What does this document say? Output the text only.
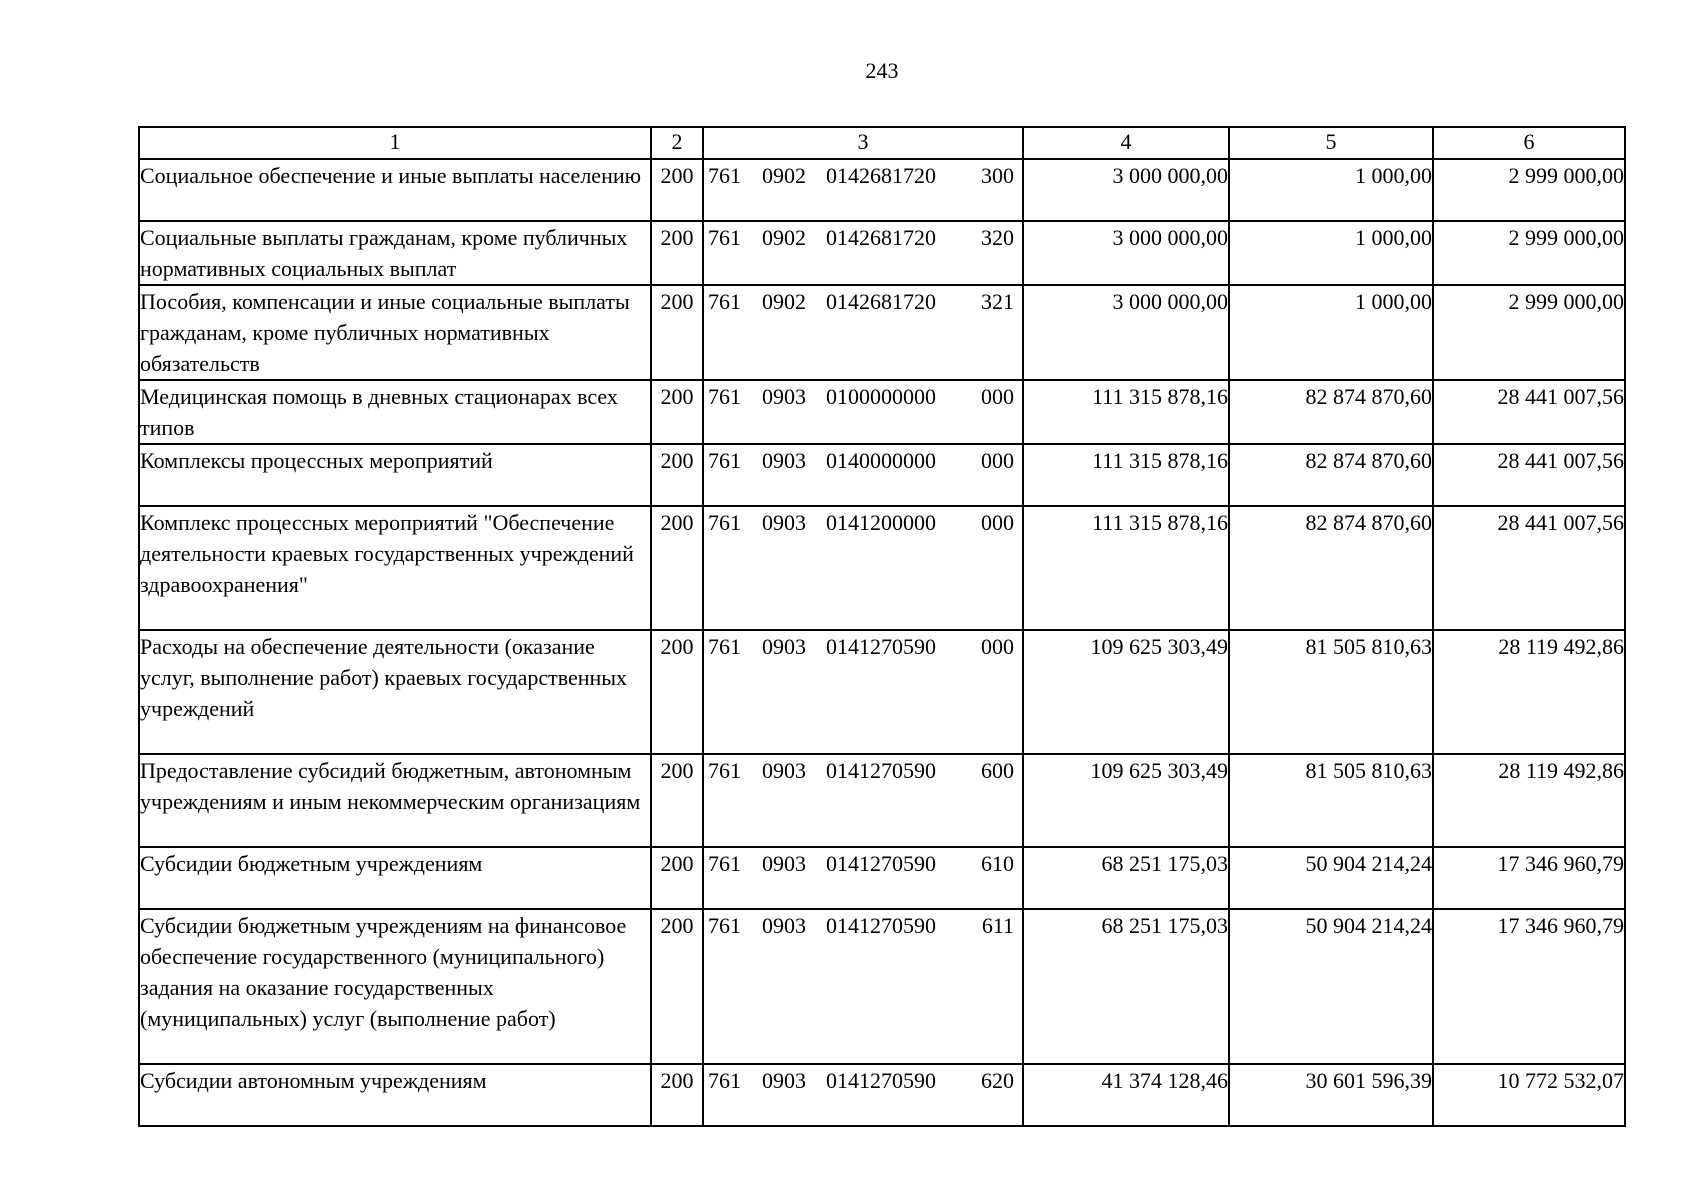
243
1	2	3	4	5	6
Социальное обеспечение и иные выплаты населению	200	761 0902 0142681720 300	3 000 000,00	1 000,00	2 999 000,00
Социальные выплаты гражданам, кроме публичных нормативных социальных выплат	200	761 0902 0142681720 320	3 000 000,00	1 000,00	2 999 000,00
Пособия, компенсации и иные социальные выплаты гражданам, кроме публичных нормативных обязательств	200	761 0902 0142681720 321	3 000 000,00	1 000,00	2 999 000,00
Медицинская помощь в дневных стационарах всех типов	200	761 0903 0100000000 000	111 315 878,16	82 874 870,60	28 441 007,56
Комплексы процессных мероприятий	200	761 0903 0140000000 000	111 315 878,16	82 874 870,60	28 441 007,56
Комплекс процессных мероприятий "Обеспечение деятельности краевых государственных учреждений здравоохранения"	200	761 0903 0141200000 000	111 315 878,16	82 874 870,60	28 441 007,56
Расходы на обеспечение деятельности (оказание услуг, выполнение работ) краевых государственных учреждений	200	761 0903 0141270590 000	109 625 303,49	81 505 810,63	28 119 492,86
Предоставление субсидий бюджетным, автономным учреждениям и иным некоммерческим организациям	200	761 0903 0141270590 600	109 625 303,49	81 505 810,63	28 119 492,86
Субсидии бюджетным учреждениям	200	761 0903 0141270590 610	68 251 175,03	50 904 214,24	17 346 960,79
Субсидии бюджетным учреждениям на финансовое обеспечение государственного (муниципального) задания на оказание государственных (муниципальных) услуг (выполнение работ)	200	761 0903 0141270590 611	68 251 175,03	50 904 214,24	17 346 960,79
Субсидии автономным учреждениям	200	761 0903 0141270590 620	41 374 128,46	30 601 596,39	10 772 532,07
